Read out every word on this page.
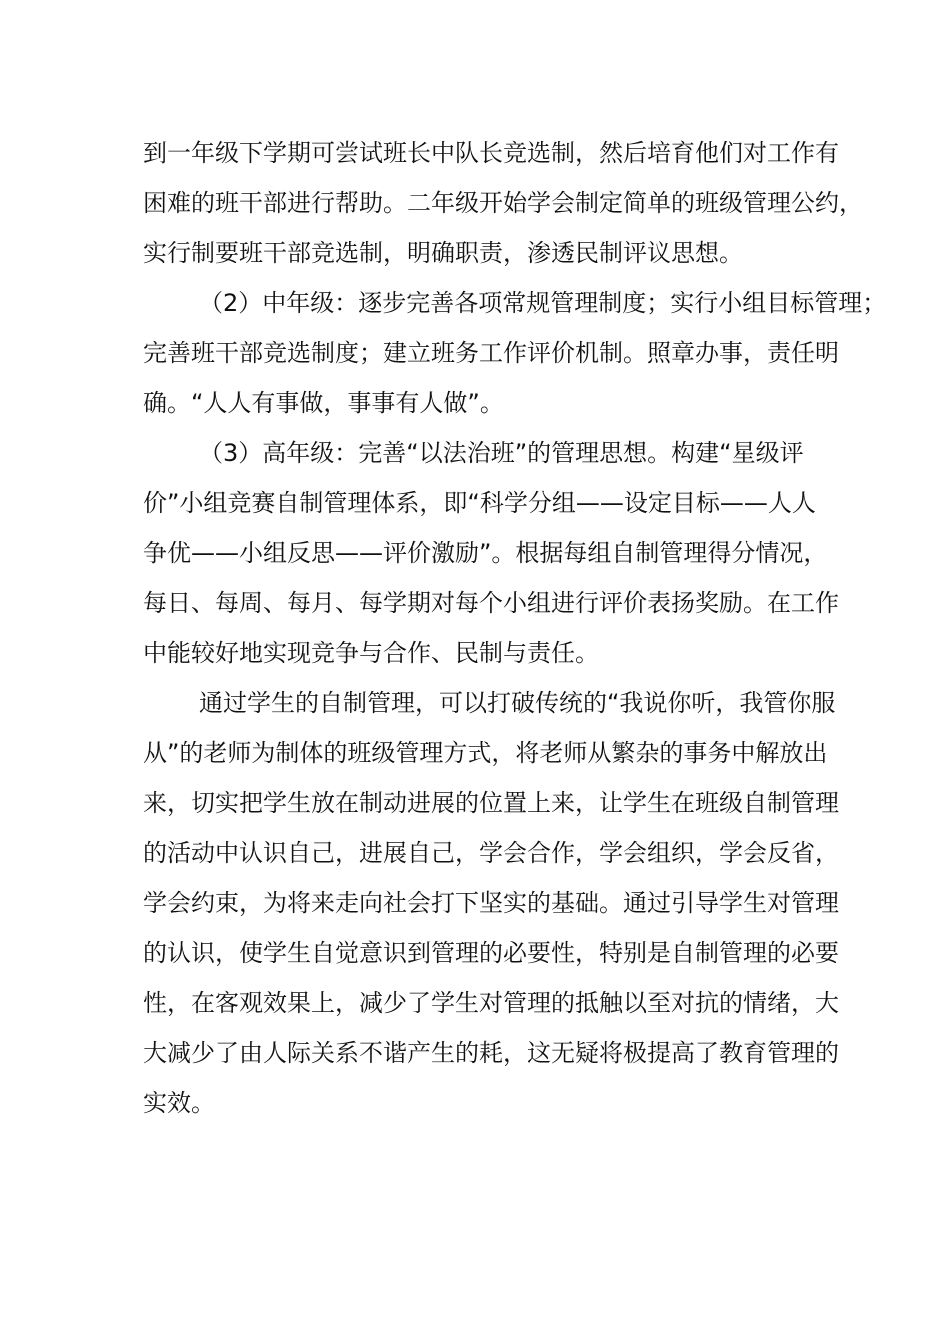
到一年级下学期可尝试班长中队长竞选制，然后培育他们对工作有
困难的班干部进行帮助。二年级开始学会制定简单的班级管理公约，
实行制要班干部竞选制，明确职责，渗透民制评议思想。
（2）中年级：逐步完善各项常规管理制度；实行小组目标管理；
完善班干部竞选制度；建立班务工作评价机制。照章办事，责任明
确。“人人有事做，事事有人做”。
（3）高年级：完善“以法治班”的管理思想。构建“星级评
价”小组竞赛自制管理体系，即“科学分组——设定目标——人人
争优——小组反思——评价激励”。根据每组自制管理得分情况，
每日、每周、每月、每学期对每个小组进行评价表扬奖励。在工作
中能较好地实现竞争与合作、民制与责任。
通过学生的自制管理，可以打破传统的“我说你听，我管你服
从”的老师为制体的班级管理方式，将老师从繁杂的事务中解放出
来，切实把学生放在制动进展的位置上来，让学生在班级自制管理
的活动中认识自己，进展自己，学会合作，学会组织，学会反省，
学会约束，为将来走向社会打下坚实的基础。通过引导学生对管理
的认识，使学生自觉意识到管理的必要性，特别是自制管理的必要
性，在客观效果上，减少了学生对管理的抵触以至对抗的情绪，大
大减少了由人际关系不谐产生的耗，这无疑将极提高了教育管理的
实效。
